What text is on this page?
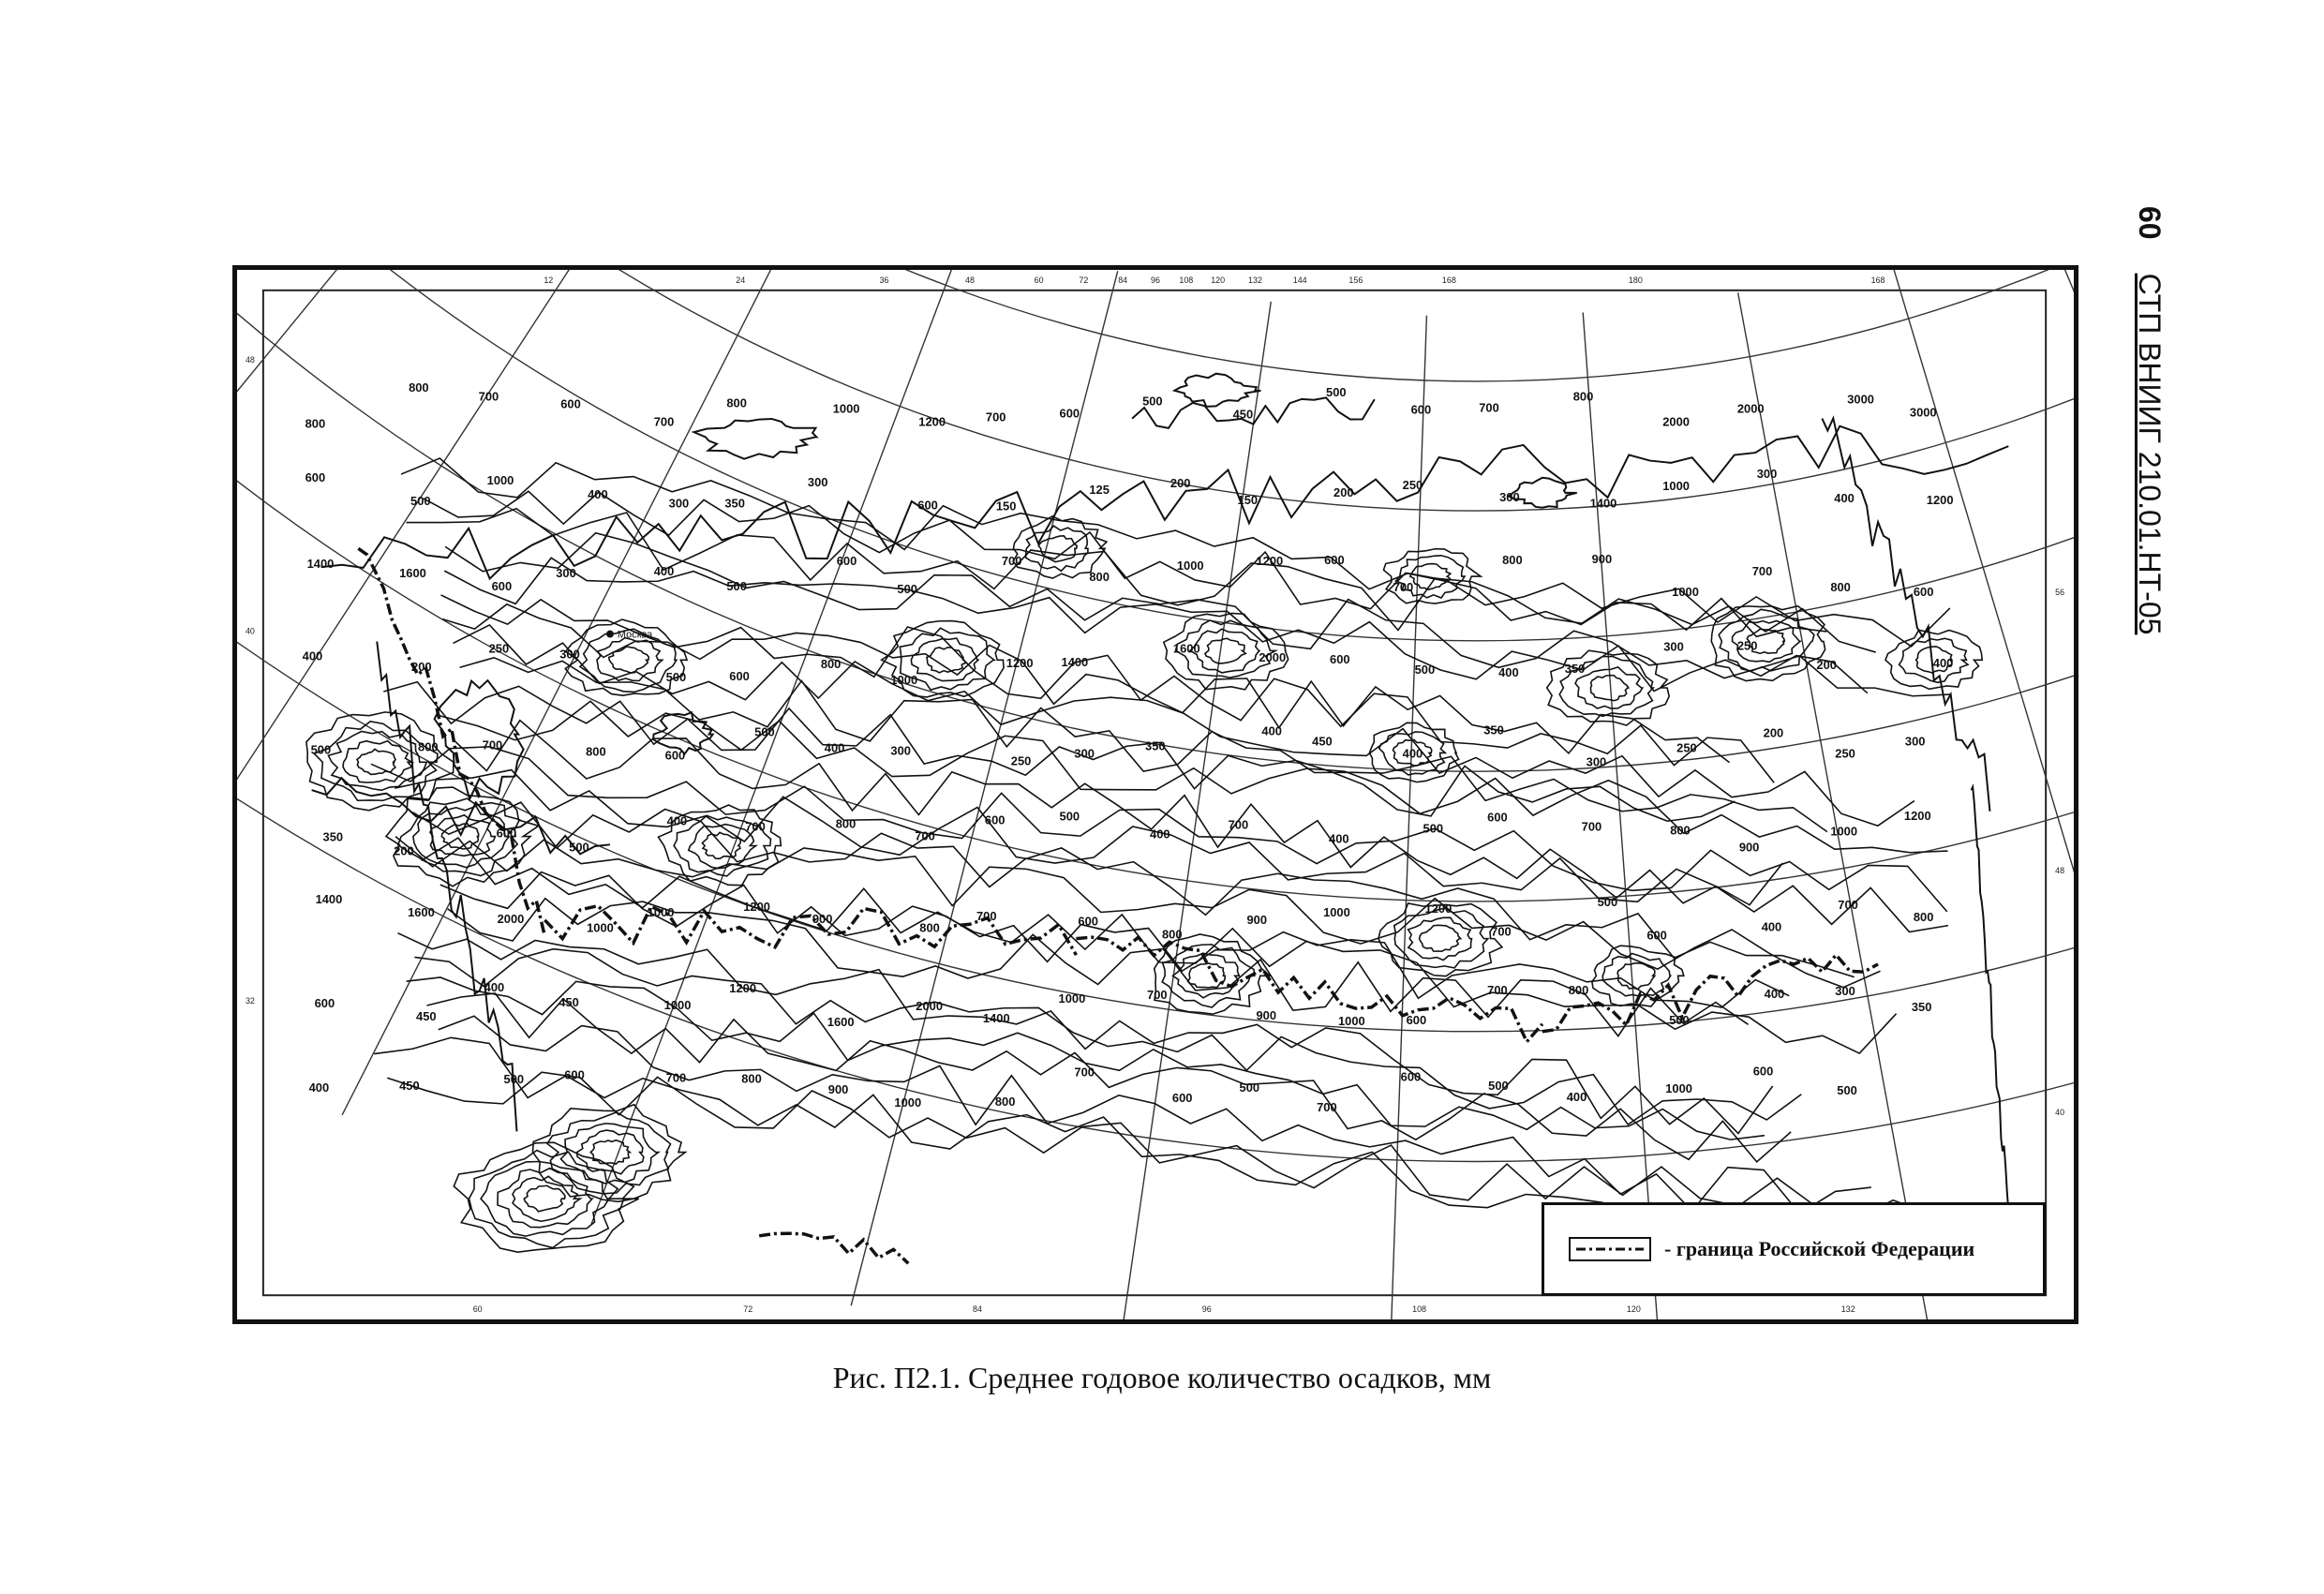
60СТП ВНИИГ 210.01.НТ-05
12	24	36	48	60	72	84	96 108 120	132	144	156	168	180	168
60	72	84	96	108	120	132
48
40
32
56
48
40
800
800
700
600
700
800	1000
1200	700	600
500
450
500
600	700
800
2000
2000
3000
3000
600
500
1000
400
300	350
300
600	150
125	200
150
200
250
300	1400
1000
300
400	1200
1400
1600
600
300	400
500
600
500
700
800
1000	1200	600
700
800	900
1000
700
800	600
400
200
250	300
500	600
800
1000
1200 1400
1600
2000	600
500	400	350
300	250
200	400
500	800	700	800	600
500
400	300
250
300
350
400
450
400
350
300
250
200
250
300
350
200
600
500
400	700	800
700
600	500
400
700
400
500
600
700	800
900
1000
1200
1400
1600	2000
1000
1000	1200
900
800
700	600
800
900
1000	1200
700
500
600
400
700
800
600
450
400
450	1000
1200
1600
2000
1400
1000	700
900	1000	600
700	800
500
400	300
350
400	450	500	600	700	800
900
1000	800
700
600
500
700
600
500
400
1000
600
500
Москва
- граница Российской Федерации
Рис. П2.1. Среднее годовое количество осадков, мм
